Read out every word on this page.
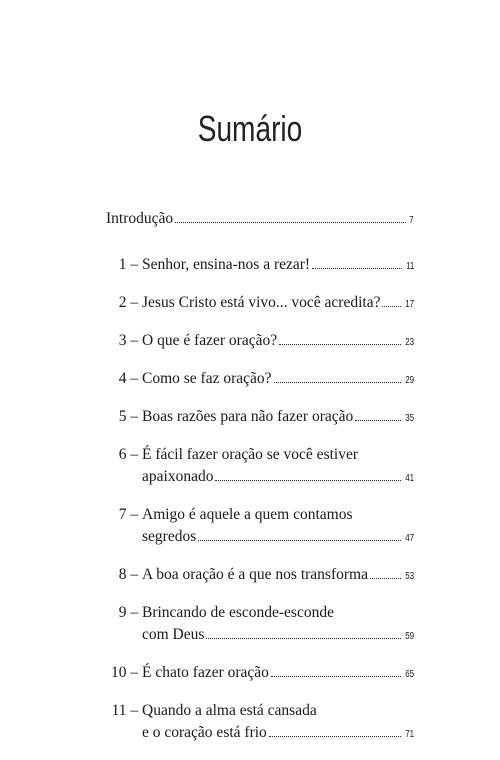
Sumário
Introdução	7
1 – Senhor, ensina-nos a rezar!	11
2 – Jesus Cristo está vivo... você acredita? 17
3 – O que é fazer oração?	23
4 – Como se faz oração?	29
5 – Boas razões para não fazer oração	35
6 – É fácil fazer oração se você estiver
apaixonado	41
7 – Amigo é aquele a quem contamos
segredos	47
8 – A boa oração é a que nos transforma	53
9 – Brincando de esconde-esconde
com Deus	59
10 – É chato fazer oração	65
11 – Quando a alma está cansada
e o coração está frio	71
